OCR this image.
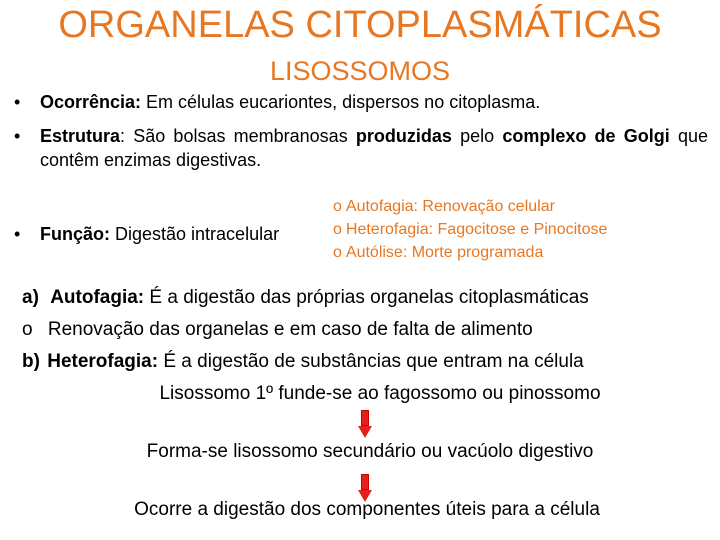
ORGANELAS CITOPLASMÁTICAS
LISOSSOMOS
• Ocorrência: Em células eucariontes, dispersos no citoplasma.
• Estrutura: São bolsas membranosas produzidas pelo complexo de Golgi que contêm enzimas digestivas.
• Função: Digestão intracelular
o Autofagia: Renovação celular
o Heterofagia: Fagocitose e Pinocitose
o Autólise: Morte programada
a) Autofagia: É a digestão das próprias organelas citoplasmáticas
o Renovação das organelas e em caso de falta de alimento
b) Heterofagia: É a digestão de substâncias que entram na célula
Lisossomo 1º funde-se ao fagossomo ou pinossomo
Forma-se lisossomo secundário ou vacúolo digestivo
Ocorre a digestão dos componentes úteis para a célula
